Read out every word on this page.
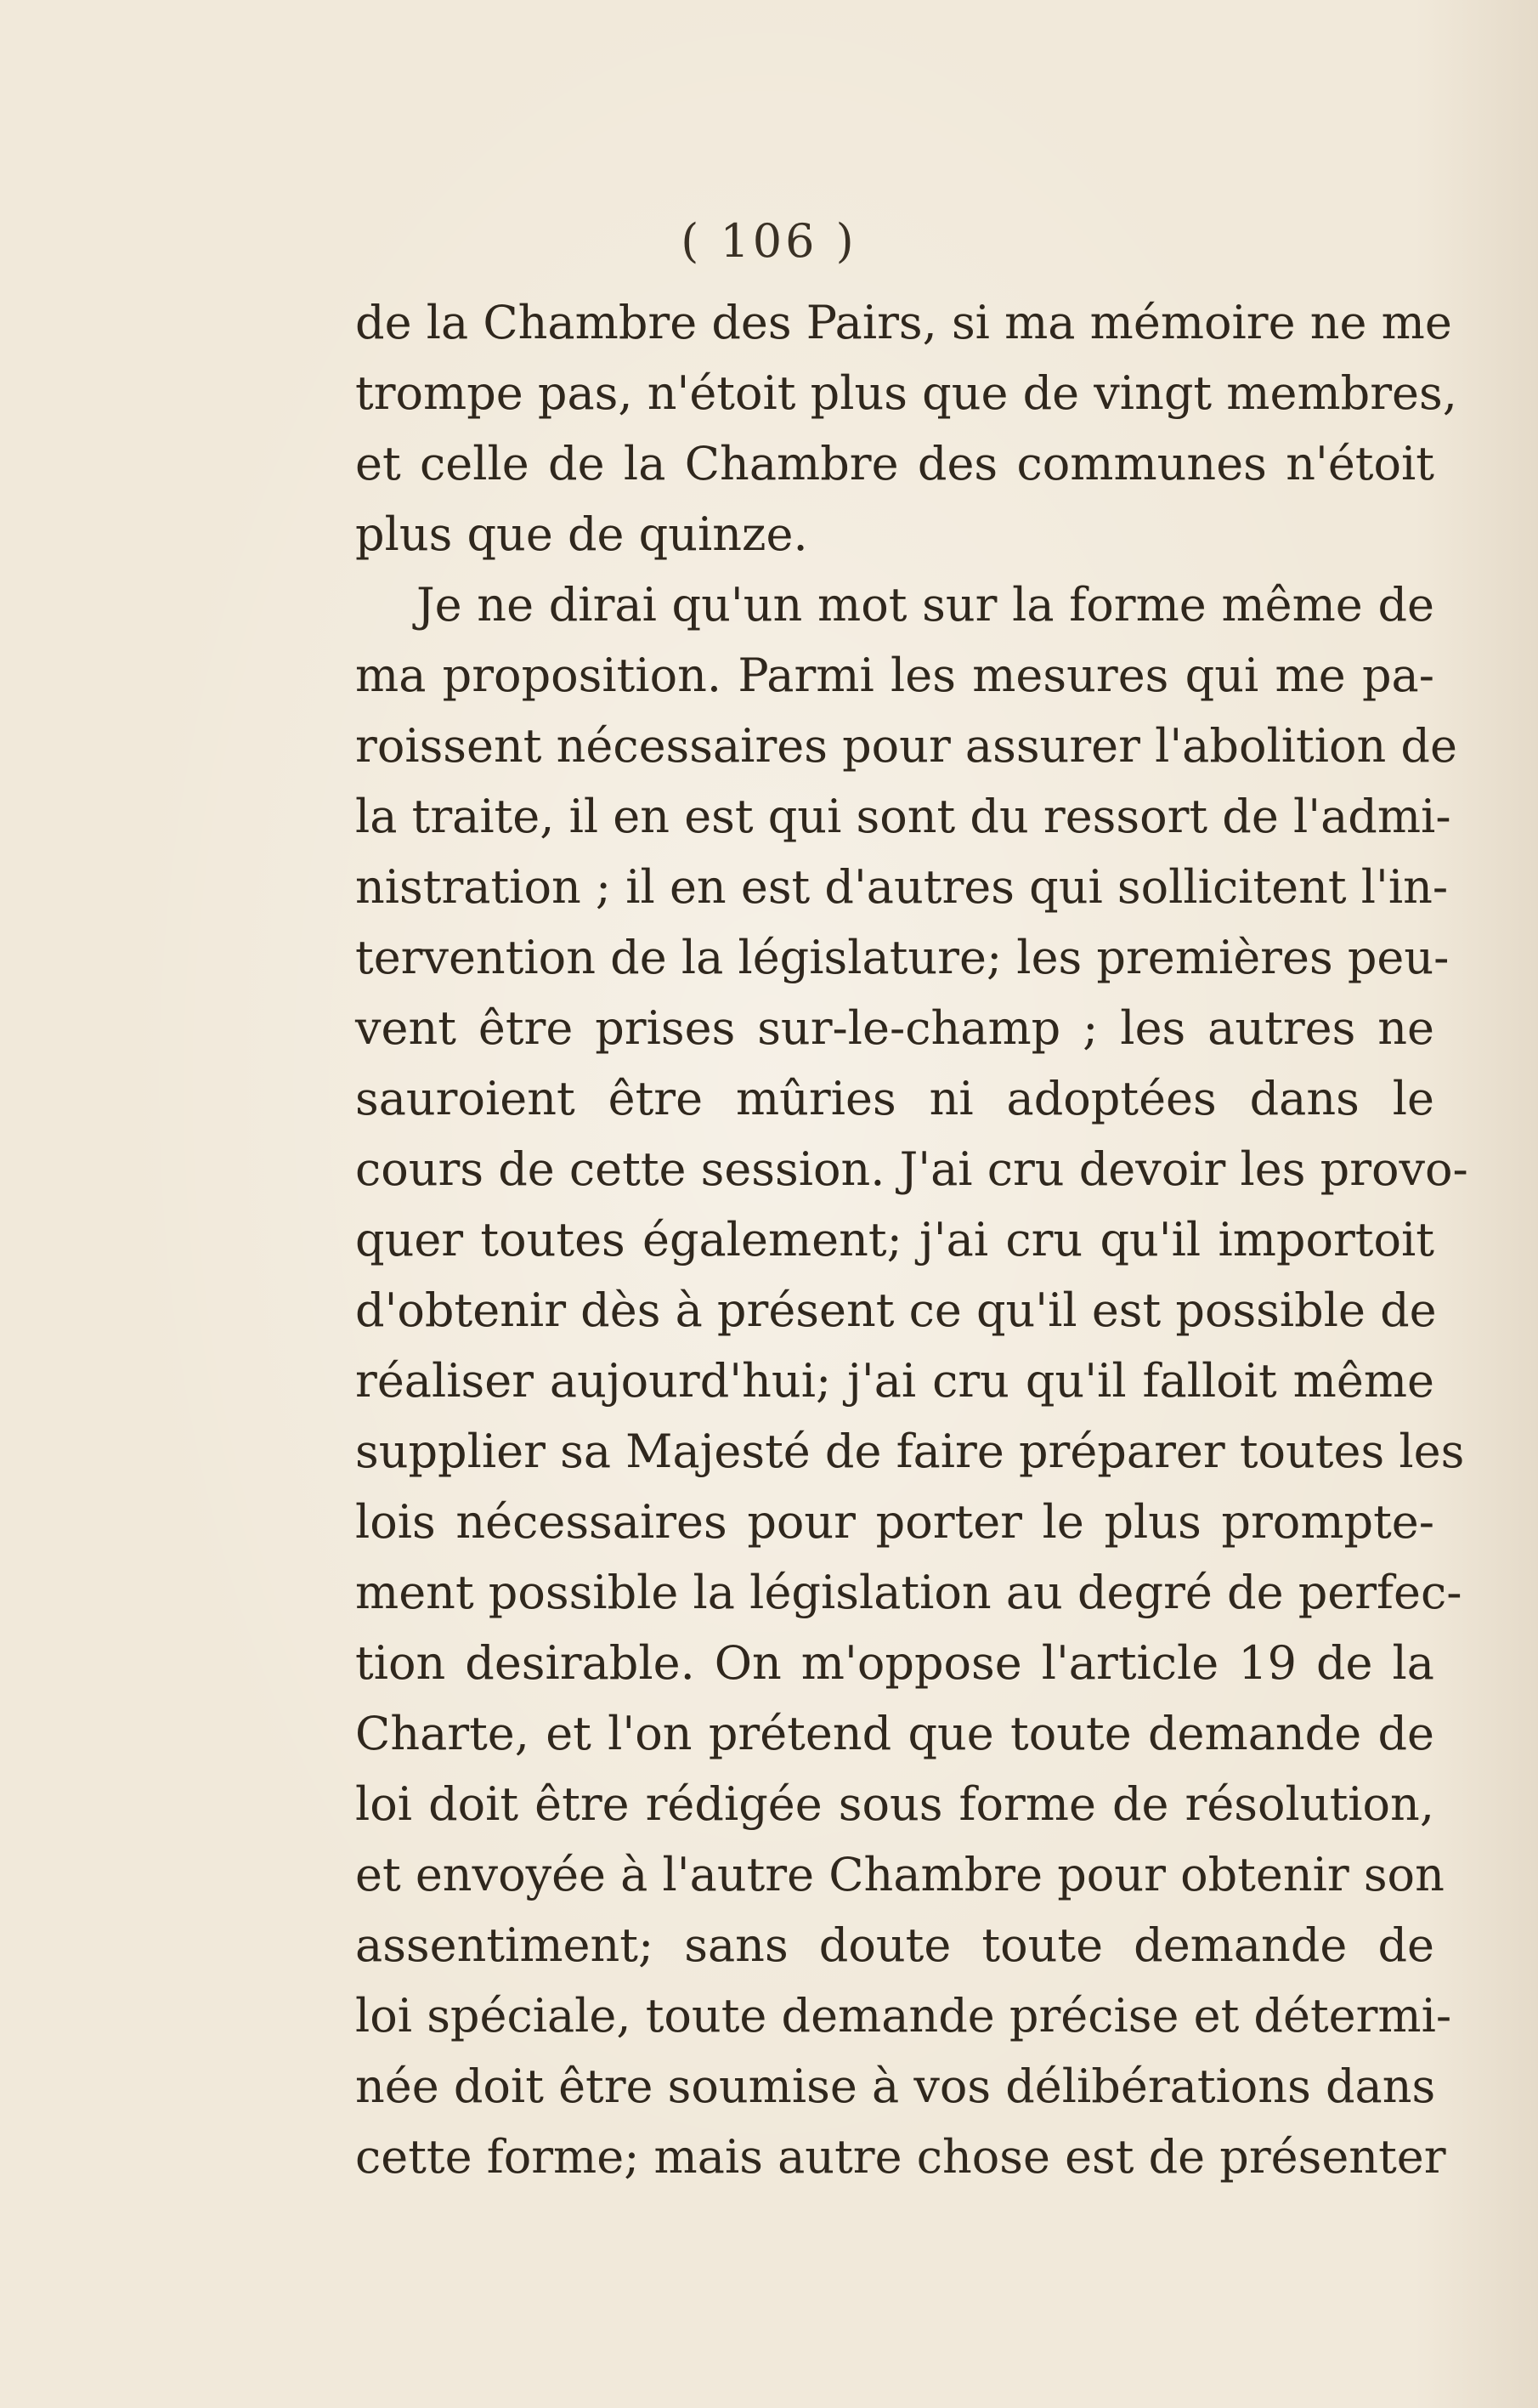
( 106 )
de la Chambre des Pairs, si ma mémoire ne me
trompe pas, n'étoit plus que de vingt membres,
et celle de la Chambre des communes n'étoit
plus que de quinze.
Je ne dirai qu'un mot sur la forme même de
ma proposition. Parmi les mesures qui me pa-
roissent nécessaires pour assurer l'abolition de
la traite, il en est qui sont du ressort de l'admi-
nistration ; il en est d'autres qui sollicitent l'in-
tervention de la législature; les premières peu-
vent être prises sur-le-champ ; les autres ne
sauroient être mûries ni adoptées dans le
cours de cette session. J'ai cru devoir les provo-
quer toutes également; j'ai cru qu'il importoit
d'obtenir dès à présent ce qu'il est possible de
réaliser aujourd'hui; j'ai cru qu'il falloit même
supplier sa Majesté de faire préparer toutes les
lois nécessaires pour porter le plus prompte-
ment possible la législation au degré de perfec-
tion desirable. On m'oppose l'article 19 de la
Charte, et l'on prétend que toute demande de
loi doit être rédigée sous forme de résolution,
et envoyée à l'autre Chambre pour obtenir son
assentiment; sans doute toute demande de
loi spéciale, toute demande précise et détermi-
née doit être soumise à vos délibérations dans
cette forme; mais autre chose est de présenter
